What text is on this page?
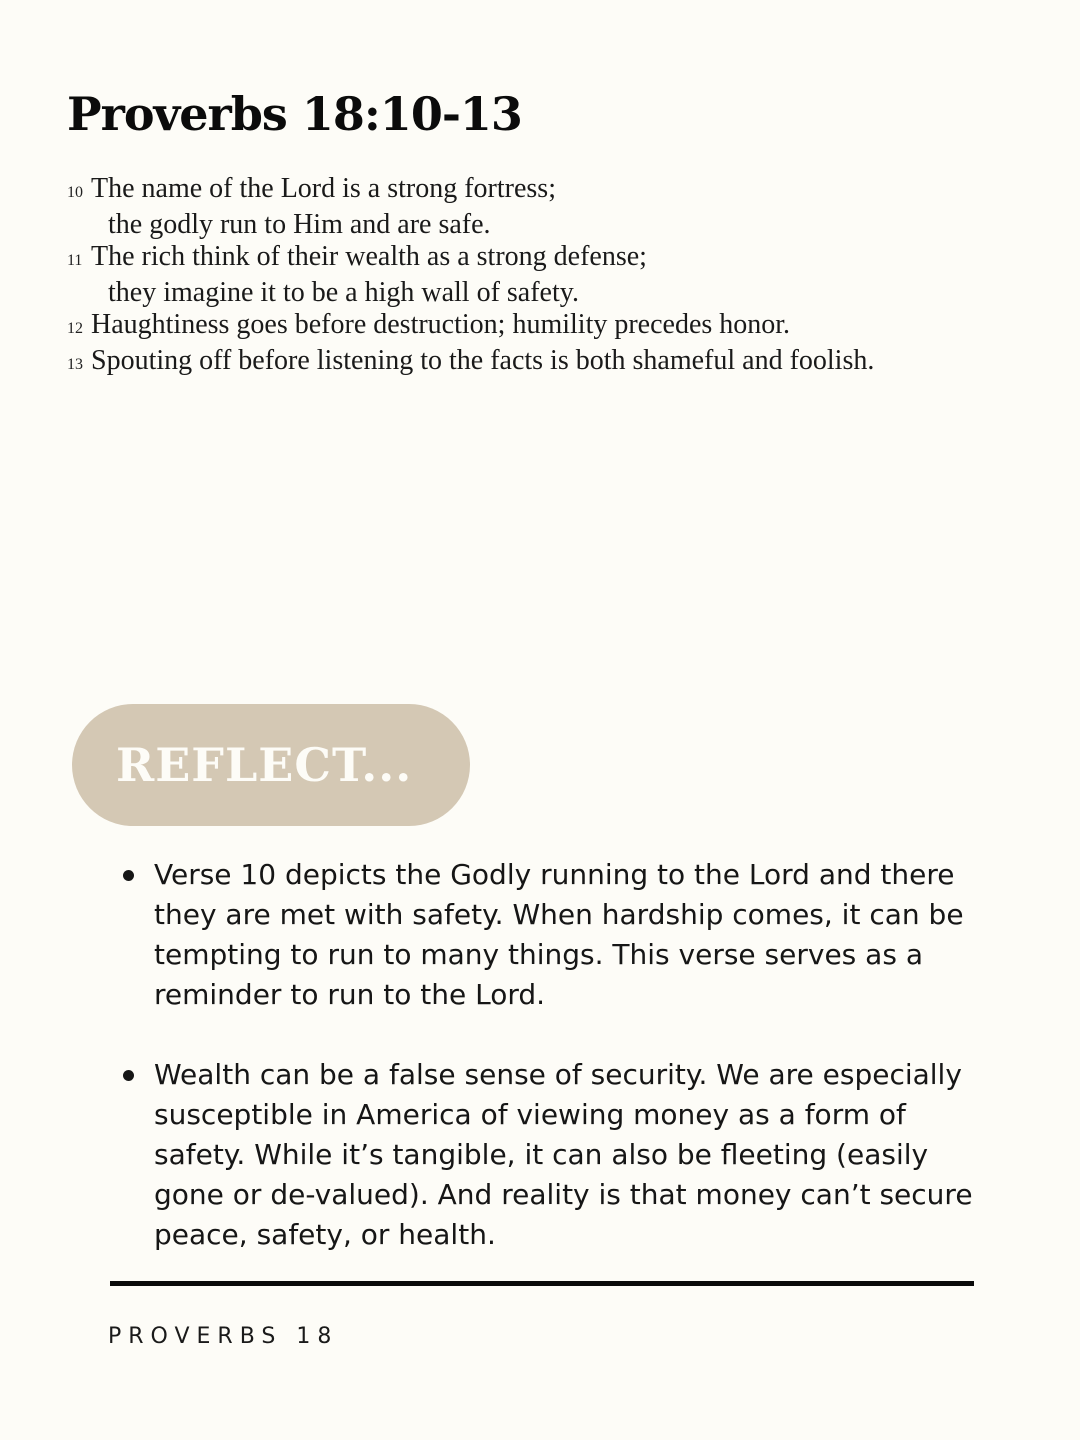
Proverbs 18:10-13
10 The name of the Lord is a strong fortress;
the godly run to Him and are safe.
11 The rich think of their wealth as a strong defense;
they imagine it to be a high wall of safety.
12 Haughtiness goes before destruction; humility precedes honor.
13 Spouting off before listening to the facts is both shameful and foolish.
REFLECT...
Verse 10 depicts the Godly running to the Lord and there they are met with safety. When hardship comes, it can be tempting to run to many things. This verse serves as a reminder to run to the Lord.
Wealth can be a false sense of security. We are especially susceptible in America of viewing money as a form of safety. While it’s tangible, it can also be fleeting (easily gone or de-valued). And reality is that money can’t secure peace, safety, or health.
PROVERBS 18
